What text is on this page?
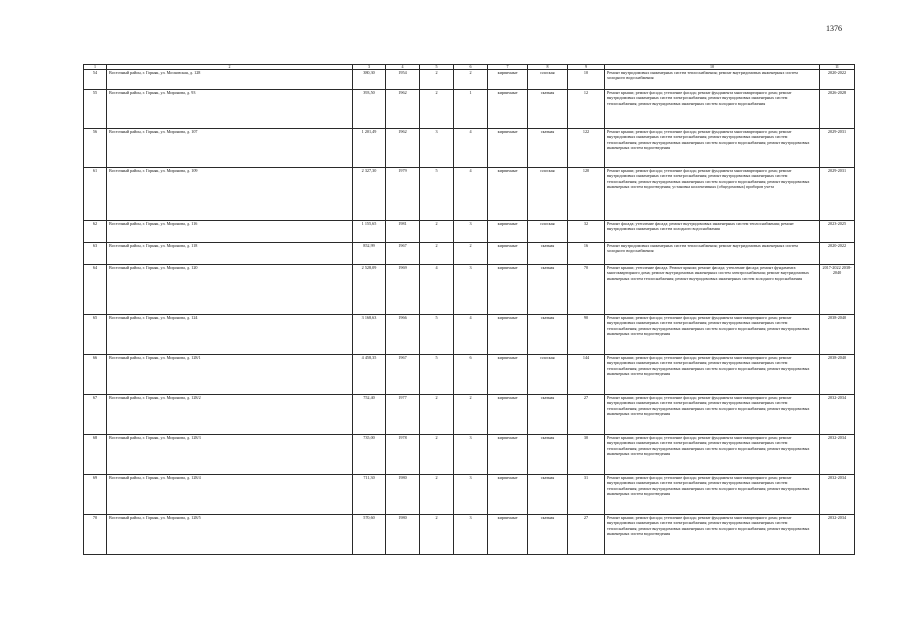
1376
1	2	3	4	5	6	7	8	9	10	11
54	Восточный район, г. Горняк, ул. Московская, д. 128	380,30	1954	2	2	кирпичные	плоская	10	Ремонт внутридомовых инженерных систем теплоснабжения; ремонт внутридомовых инженерных систем холодного водоснабжения	2020-2022
55	Восточный район, г. Горняк, ул. Миронова, д. 93	393,50	1962	2	1	кирпичные	скатная	12	Ремонт крыши; ремонт фасада; утепление фасада; ремонт фундамента многоквартирного дома; ремонт внутридомовых инженерных систем электроснабжения; ремонт внутридомовых инженерных систем теплоснабжения; ремонт внутридомовых инженерных систем холодного водоснабжения	2026-2028
56	Восточный район, г. Горняк, ул. Миронова, д. 107	1 201,49	1962	3	4	кирпичные	скатная	122	Ремонт крыши; ремонт фасада; утепление фасада; ремонт фундамента многоквартирного дома; ремонт внутридомовых инженерных систем электроснабжения; ремонт внутридомовых инженерных систем теплоснабжения; ремонт внутридомовых инженерных систем холодного водоснабжения; ремонт внутридомовых инженерных систем водоотведения	2029-2031
61	Восточный район, г. Горняк, ул. Миронова, д. 109	2 327,30	1979	5	4	кирпичные	плоская	120	Ремонт крыши; ремонт фасада; утепление фасада; ремонт фундамента многоквартирного дома; ремонт внутридомовых инженерных систем электроснабжения; ремонт внутридомовых инженерных систем теплоснабжения; ремонт внутридомовых инженерных систем холодного водоснабжения; ремонт внутридомовых инженерных систем водоотведения; установка коллективных (общедомовых) приборов учета	2029-2031
62	Восточный район, г. Горняк, ул. Миронова, д. 116	1 155,65	1981	2	3	кирпичные	плоская	32	Ремонт фасада; утепление фасада; ремонт внутридомовых инженерных систем теплоснабжения; ремонт внутридомовых инженерных систем холодного водоснабжения	2023-2025
63	Восточный район, г. Горняк, ул. Миронова, д. 118	852,99	1967	2	2	кирпичные	скатная	16	Ремонт внутридомовых инженерных систем теплоснабжения; ремонт внутридомовых инженерных систем холодного водоснабжения	2020-2022
64	Восточный район, г. Горняк, ул. Миронова, д. 120	2 528,09	1969	4	3	кирпичные	скатная	70	Ремонт крыши; утепление фасада. Ремонт крыши; ремонт фасада; утепление фасада; ремонт фундамента многоквартирного дома; ремонт внутридомовых инженерных систем электроснабжения; ремонт внутридомовых инженерных систем теплоснабжения; ремонт внутридомовых инженерных систем холодного водоснабжения	2017-2022 2038-2040
65	Восточный район, г. Горняк, ул. Миронова, д. 124	3 168,63	1966	5	4	кирпичные	скатная	90	Ремонт крыши; ремонт фасада; утепление фасада; ремонт фундамента многоквартирного дома; ремонт внутридомовых инженерных систем электроснабжения; ремонт внутридомовых инженерных систем теплоснабжения; ремонт внутридомовых инженерных систем холодного водоснабжения; ремонт внутридомовых инженерных систем водоотведения	2038-2040
66	Восточный район, г. Горняк, ул. Миронова, д. 128/1	4 458,35	1967	5	6	кирпичные	плоская	144	Ремонт крыши; ремонт фасада; утепление фасада; ремонт фундамента многоквартирного дома; ремонт внутридомовых инженерных систем электроснабжения; ремонт внутридомовых инженерных систем теплоснабжения; ремонт внутридомовых инженерных систем холодного водоснабжения; ремонт внутридомовых инженерных систем водоотведения	2038-2040
67	Восточный район, г. Горняк, ул. Миронова, д. 128/2	752,40	1977	2	2	кирпичные	скатная	27	Ремонт крыши; ремонт фасада; утепление фасада; ремонт фундамента многоквартирного дома; ремонт внутридомовых инженерных систем электроснабжения; ремонт внутридомовых инженерных систем теплоснабжения; ремонт внутридомовых инженерных систем холодного водоснабжения; ремонт внутридомовых инженерных систем водоотведения	2032-2034
68	Восточный район, г. Горняк, ул. Миронова, д. 128/3	735,00	1978	2	3	кирпичные	скатная	30	Ремонт крыши; ремонт фасада; утепление фасада; ремонт фундамента многоквартирного дома; ремонт внутридомовых инженерных систем электроснабжения; ремонт внутридомовых инженерных систем теплоснабжения; ремонт внутридомовых инженерных систем холодного водоснабжения; ремонт внутридомовых инженерных систем водоотведения	2032-2034
69	Восточный район, г. Горняк, ул. Миронова, д. 128/4	711,30	1980	2	3	кирпичные	скатная	31	Ремонт крыши; ремонт фасада; утепление фасада; ремонт фундамента многоквартирного дома; ремонт внутридомовых инженерных систем электроснабжения; ремонт внутридомовых инженерных систем теплоснабжения; ремонт внутридомовых инженерных систем холодного водоснабжения; ремонт внутридомовых инженерных систем водоотведения	2032-2034
70	Восточный район, г. Горняк, ул. Миронова, д. 128/5	570,60	1980	2	3	кирпичные	скатная	27	Ремонт крыши; ремонт фасада; утепление фасада; ремонт фундамента многоквартирного дома; ремонт внутридомовых инженерных систем электроснабжения; ремонт внутридомовых инженерных систем теплоснабжения; ремонт внутридомовых инженерных систем холодного водоснабжения; ремонт внутридомовых инженерных систем водоотведения	2032-2034
